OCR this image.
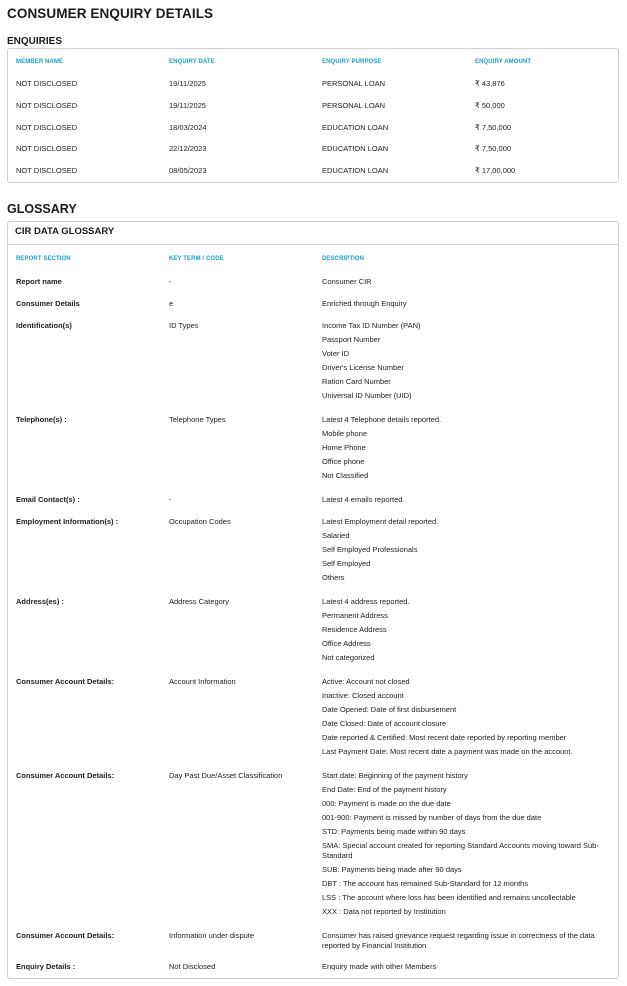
CONSUMER ENQUIRY DETAILS
ENQUIRIES
MEMBER NAME	ENQUIRY DATE	ENQUIRY PURPOSE	ENQUIRY AMOUNT
NOT DISCLOSED	19/11/2025	PERSONAL LOAN	₹ 43,876
NOT DISCLOSED	19/11/2025	PERSONAL LOAN	₹ 50,000
NOT DISCLOSED	18/03/2024	EDUCATION LOAN	₹ 7,50,000
NOT DISCLOSED	22/12/2023	EDUCATION LOAN	₹ 7,50,000
NOT DISCLOSED	08/05/2023	EDUCATION LOAN	₹ 17,00,000
GLOSSARY
CIR DATA GLOSSARY
REPORT SECTION	KEY TERM / CODE	DESCRIPTION
Report name	-	Consumer CIR
Consumer Details	e	Enriched through Enquiry
Identification(s)	ID Types	Income Tax ID Number (PAN)
Passport Number
Voter ID
Driver's License Number
Ration Card Number
Universal ID Number (UID)
Telephone(s) :	Telephone Types	Latest 4 Telephone details reported.
Mobile phone
Home Phone
Office phone
Not Classified
Email Contact(s) :	-	Latest 4 emails reported.
Employment Information(s) :	Occupation Codes	Latest Employment detail reported.
Salaried
Self Employed Professionals
Self Employed
Others
Address(es) :	Address Category	Latest 4 address reported.
Permanent Address
Residence Address
Office Address
Not categorized
Consumer Account Details:	Account Information	Active: Account not closed
Inactive: Closed account
Date Opened: Date of first disbursement
Date Closed: Date of account closure
Date reported & Certified: Most recent date reported by reporting member
Last Payment Date: Most recent date a payment was made on the account.
Consumer Account Details:	Day Past Due/Asset Classification	Start date: Beginning of the payment history
End Date: End of the payment history
000: Payment is made on the due date
001-900: Payment is missed by number of days from the due date
STD: Payments being made within 90 days
SMA: Special account created for reporting Standard Accounts moving toward Sub-Standard
SUB: Payments being made after 90 days
DBT : The account has remained Sub-Standard for 12 months
LSS : The account where loss has been identified and remains uncollectable
XXX : Data not reported by Institution
Consumer Account Details:	Information under dispute	Consumer has raised grievance request regarding issue in correctness of the data reported by Financial Institution
Enquiry Details :	Not Disclosed	Enquiry made with other Members
